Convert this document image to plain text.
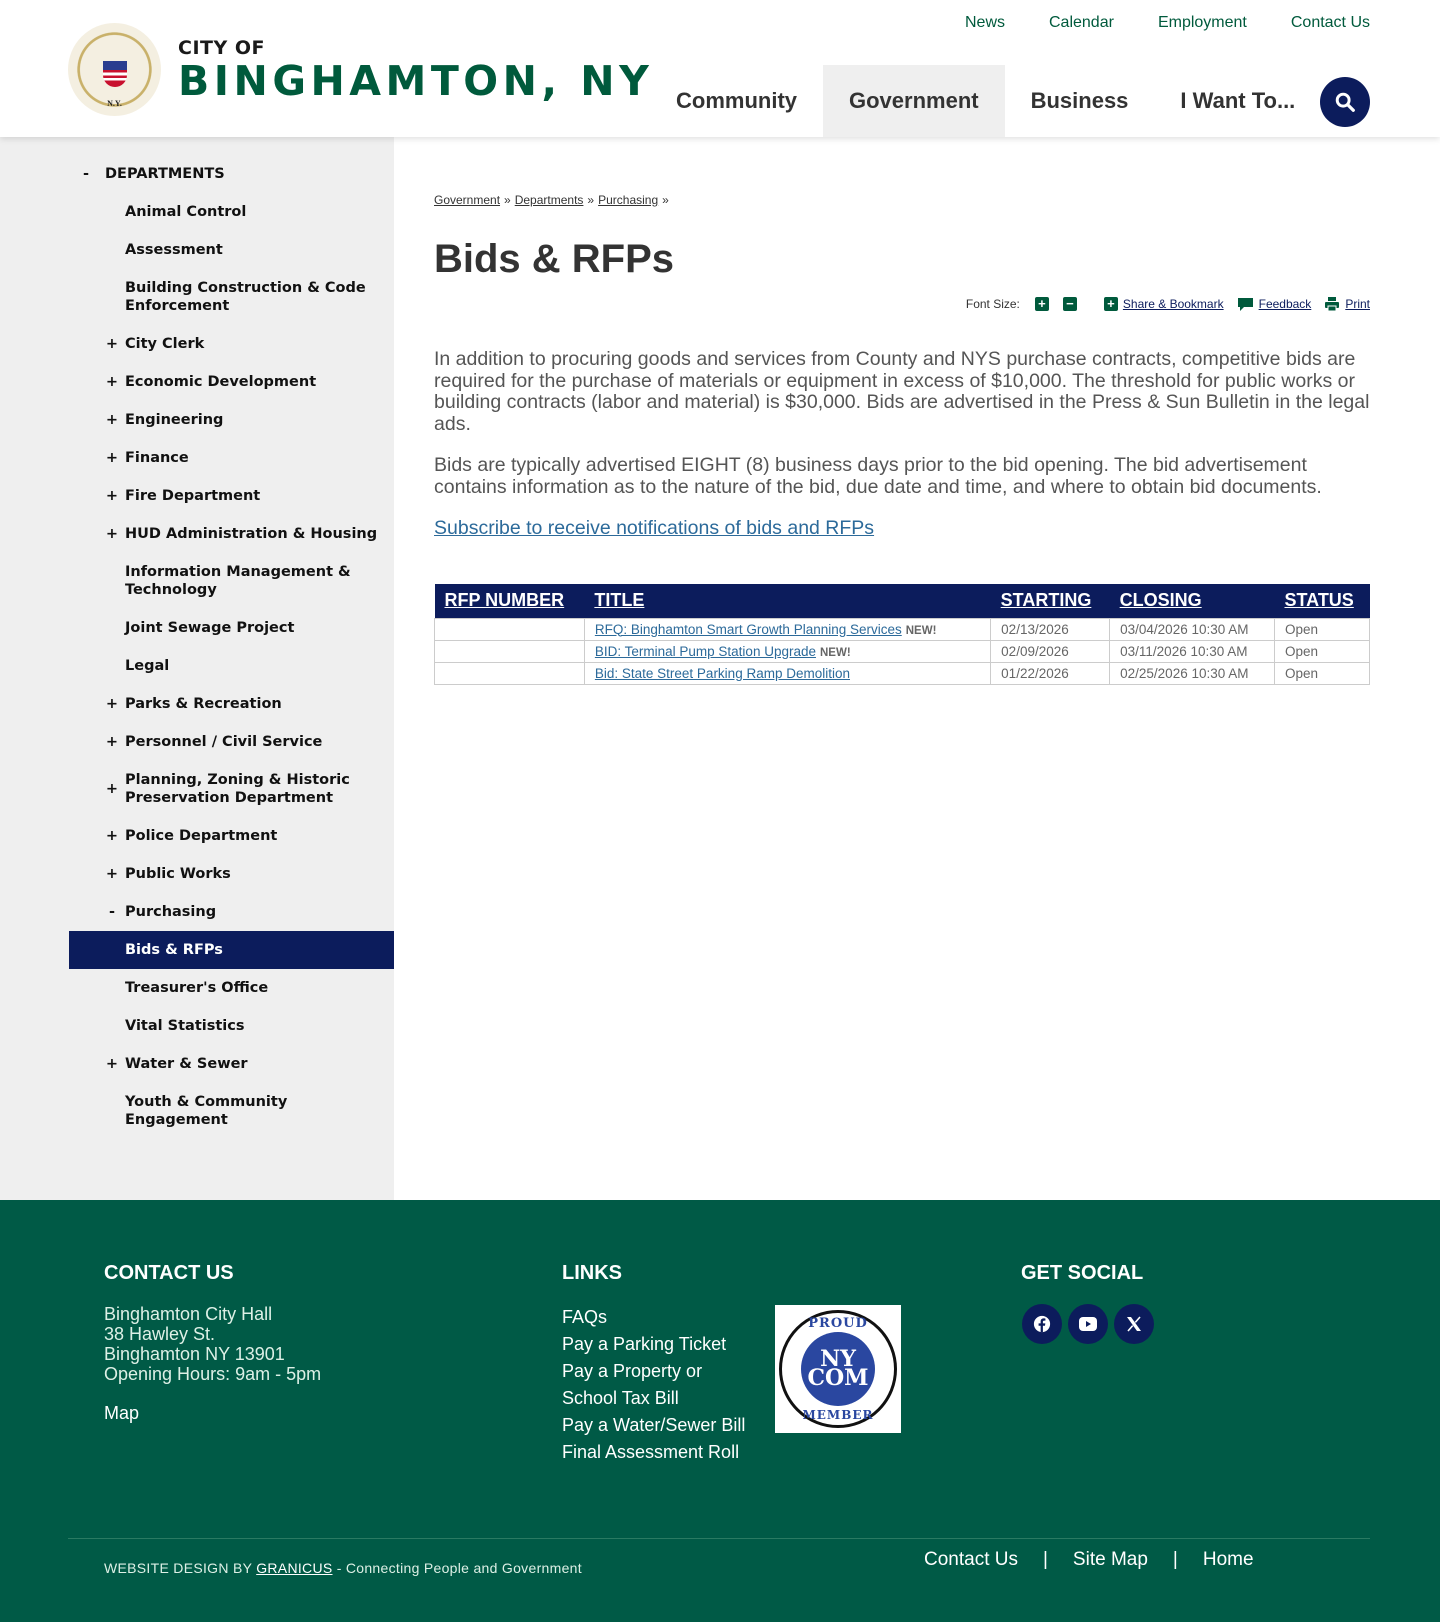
N.Y.
CITY OF
BINGHAMTON, NY
News	Calendar	Employment	Contact Us
Community	Government	Business	I Want To...
-	DEPARTMENTS
Animal Control
Assessment
Building Construction & Code Enforcement
+ City Clerk
+ Economic Development
+ Engineering
+ Finance
+ Fire Department
+ HUD Administration & Housing
Information Management & Technology
Joint Sewage Project
Legal
+ Parks & Recreation
+ Personnel / Civil Service
+
Planning, Zoning & Historic Preservation Department
+ Police Department
+ Public Works
- Purchasing
Bids & RFPs
Treasurer's Office
Vital Statistics
+ Water & Sewer
Youth & Community Engagement
Government » Departments » Purchasing »
Bids & RFPs
Font Size: + −	+ Share & Bookmark	Feedback	Print

In addition to procuring goods and services from County and NYS purchase contracts, competitive bids are required for the purchase of materials or equipment in excess of $10,000. The threshold for public works or building contracts (labor and material) is $30,000. Bids are advertised in the Press & Sun Bulletin in the legal ads.

Bids are typically advertised EIGHT (8) business days prior to the bid opening. The bid advertisement contains information as to the nature of the bid, due date and time, and where to obtain bid documents.

Subscribe to receive notifications of bids and RFPs
RFP NUMBER	TITLE	STARTING	CLOSING	STATUS
	RFQ: Binghamton Smart Growth Planning Services NEW!	02/13/2026	03/04/2026 10:30 AM	Open
	BID: Terminal Pump Station Upgrade NEW!	02/09/2026	03/11/2026 10:30 AM	Open
	Bid: State Street Parking Ramp Demolition	01/22/2026	02/25/2026 10:30 AM	Open
CONTACT US
Binghamton City Hall
38 Hawley St.
Binghamton NY 13901
Opening Hours: 9am - 5pm
Map
LINKS
FAQs
Pay a Parking Ticket
Pay a Property or School Tax Bill
Pay a Water/Sewer Bill
Final Assessment Roll
PROUD
NY
COM
MEMBER
GET SOCIAL
WEBSITE DESIGN BY GRANICUS - Connecting People and Government	Contact Us | Site Map | Home
